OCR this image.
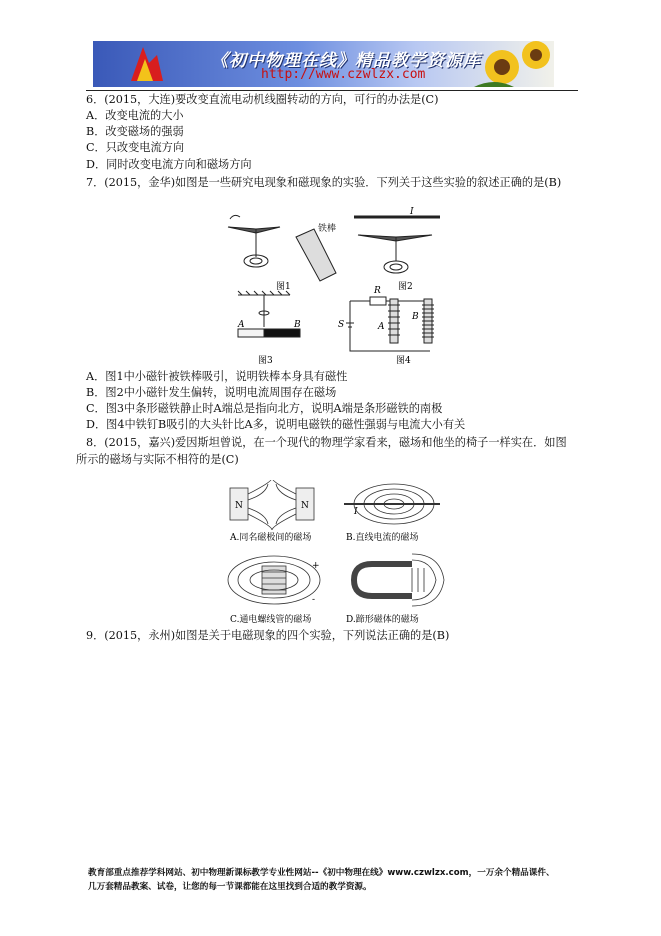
《初中物理在线》精品教学资源库
http://www.czwlzx.com
6．(2015，大连)要改变直流电动机线圈转动的方向，可行的办法是(C)
A．改变电流的大小
B．改变磁场的强弱
C．只改变电流方向
D．同时改变电流方向和磁场方向
7．(2015，金华)如图是一些研究电现象和磁现象的实验．下列关于这些实验的叙述正确的是(B)
铁棒
I
图1	图2
A	B
R
S	A
B
图3	图4
A．图1中小磁针被铁棒吸引，说明铁棒本身具有磁性
B．图2中小磁针发生偏转，说明电流周围存在磁场
C．图3中条形磁铁静止时A端总是指向北方，说明A端是条形磁铁的南极
D．图4中铁钉B吸引的大头针比A多，说明电磁铁的磁性强弱与电流大小有关
8．(2015，嘉兴)爱因斯坦曾说，在一个现代的物理学家看来，磁场和他坐的椅子一样实在．如图
所示的磁场与实际不相符的是(C)
N	N
I
+
-
A.同名磁极间的磁场	B.直线电流的磁场
C.通电螺线管的磁场	D.蹄形磁体的磁场
9．(2015，永州)如图是关于电磁现象的四个实验，下列说法正确的是(B)
教育部重点推荐学科网站、初中物理新课标教学专业性网站--《初中物理在线》www.czwlzx.com，一万余个精品课件、
几万套精品教案、试卷，让您的每一节课都能在这里找到合适的教学资源。
